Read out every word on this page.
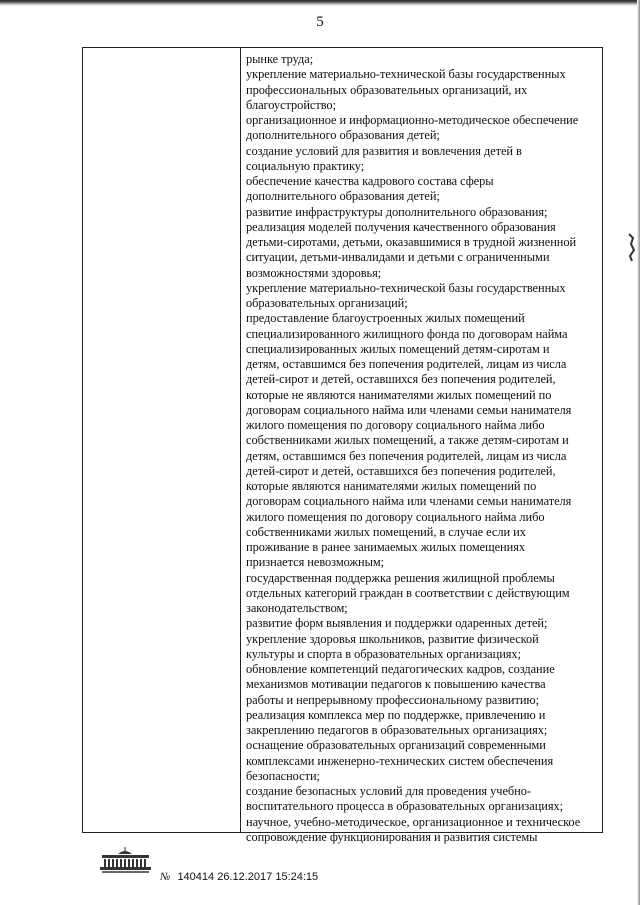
5
рынке труда;
укрепление материально-технической базы государственных
профессиональных образовательных организаций, их
благоустройство;
организационное и информационно-методическое обеспечение
дополнительного образования детей;
создание условий для развития и вовлечения детей в
социальную практику;
обеспечение качества кадрового состава сферы
дополнительного образования детей;
развитие инфраструктуры дополнительного образования;
реализация моделей получения качественного образования
детьми-сиротами, детьми, оказавшимися в трудной жизненной
ситуации, детьми-инвалидами и детьми с ограниченными
возможностями здоровья;
укрепление материально-технической базы государственных
образовательных организаций;
предоставление благоустроенных жилых помещений
специализированного жилищного фонда по договорам найма
специализированных жилых помещений детям-сиротам и
детям, оставшимся без попечения родителей, лицам из числа
детей-сирот и детей, оставшихся без попечения родителей,
которые не являются нанимателями жилых помещений по
договорам социального найма или членами семьи нанимателя
жилого помещения по договору социального найма либо
собственниками жилых помещений, а также детям-сиротам и
детям, оставшимся без попечения родителей, лицам из числа
детей-сирот и детей, оставшихся без попечения родителей,
которые являются нанимателями жилых помещений по
договорам социального найма или членами семьи нанимателя
жилого помещения по договору социального найма либо
собственниками жилых помещений, в случае если их
проживание в ранее занимаемых жилых помещениях
признается невозможным;
государственная поддержка решения жилищной проблемы
отдельных категорий граждан в соответствии с действующим
законодательством;
развитие форм выявления и поддержки одаренных детей;
укрепление здоровья школьников, развитие физической
культуры и спорта в образовательных организациях;
обновление компетенций педагогических кадров, создание
механизмов мотивации педагогов к повышению качества
работы и непрерывному профессиональному развитию;
реализация комплекса мер по поддержке, привлечению и
закреплению педагогов в образовательных организациях;
оснащение образовательных организаций современными
комплексами инженерно-технических систем обеспечения
безопасности;
создание безопасных условий для проведения учебно-
воспитательного процесса в образовательных организациях;
научное, учебно-методическое, организационное и техническое
сопровождение функционирования и развития системы
№ 140414 26.12.2017 15:24:15
